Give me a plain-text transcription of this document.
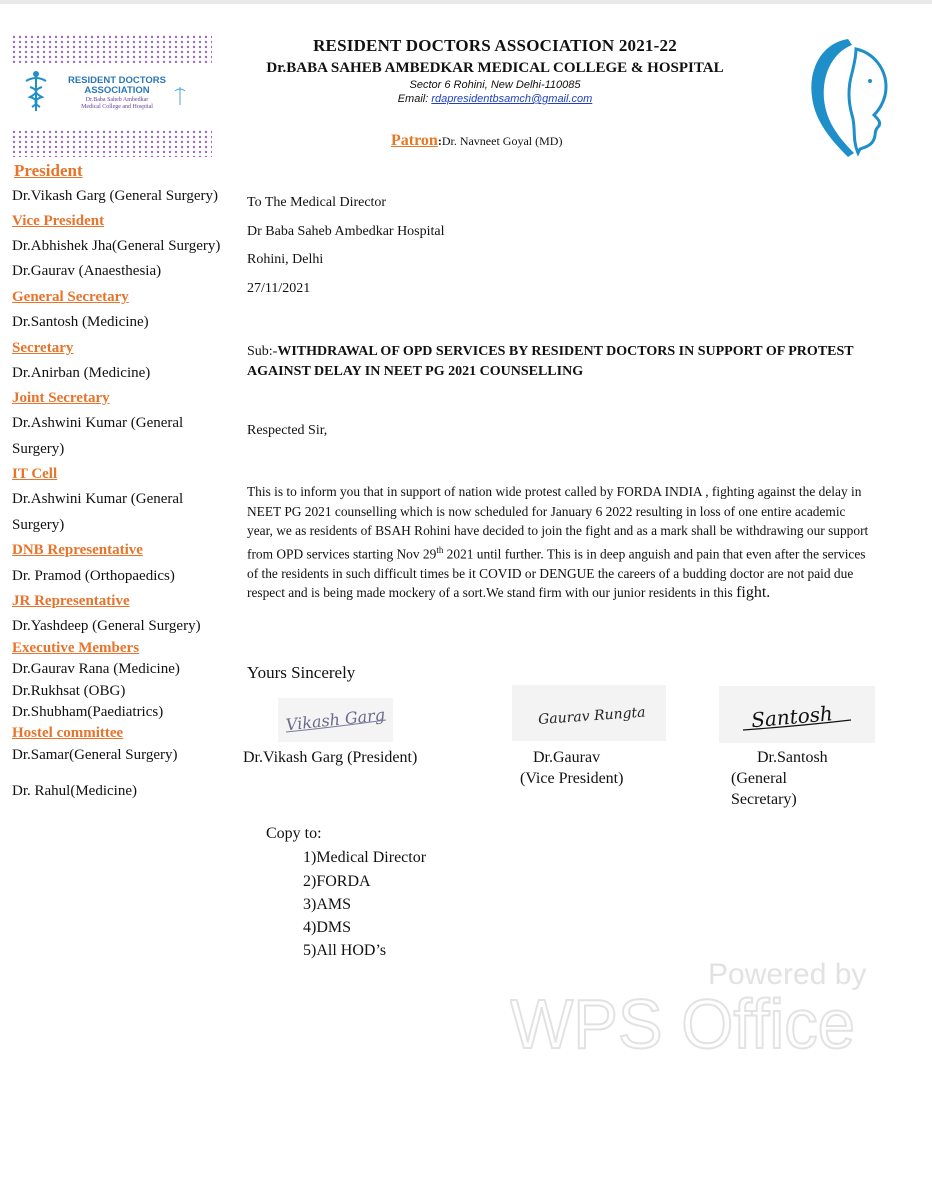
RESIDENT DOCTORS
ASSOCIATION
Dr.Baba Saheb Ambedkar
Medical College and Hospital
RESIDENT DOCTORS ASSOCIATION 2021-22
Dr.BABA SAHEB AMBEDKAR MEDICAL COLLEGE & HOSPITAL
Sector 6 Rohini, New Delhi-110085
Email: rdapresidentbsamch@gmail.com
Patron:Dr. Navneet Goyal (MD)
President
Dr.Vikash Garg (General Surgery)
Vice President
Dr.Abhishek Jha(General Surgery)
Dr.Gaurav (Anaesthesia)
General Secretary
Dr.Santosh (Medicine)
Secretary
Dr.Anirban (Medicine)
Joint Secretary
Dr.Ashwini Kumar (General
Surgery)
IT Cell
Dr.Ashwini Kumar (General
Surgery)
DNB Representative
Dr. Pramod (Orthopaedics)
JR Representative
Dr.Yashdeep (General Surgery)
Executive Members
Dr.Gaurav Rana (Medicine)
Dr.Rukhsat (OBG)
Dr.Shubham(Paediatrics)
Hostel committee
Dr.Samar(General Surgery)
Dr. Rahul(Medicine)
To The Medical Director
Dr Baba Saheb Ambedkar Hospital
Rohini, Delhi
27/11/2021
Sub:-WITHDRAWAL OF OPD SERVICES BY RESIDENT DOCTORS IN SUPPORT OF PROTEST AGAINST DELAY IN NEET PG 2021 COUNSELLING
Respected Sir,
This is to inform you that in support of nation wide protest called by FORDA INDIA , fighting against the delay in NEET PG 2021 counselling which is now scheduled for January 6 2022 resulting in loss of one entire academic year, we as residents of BSAH Rohini have decided to join the fight and as a mark shall be withdrawing our support from OPD services starting Nov 29th 2021 until further. This is in deep anguish and pain that even after the services of the residents in such difficult times be it COVID or DENGUE the careers of a budding doctor are not paid due respect and is being made mockery of a sort.We stand firm with our junior residents in this fight.
Yours Sincerely
Vikash Garg	Gaurav Rungta	Santosh
Dr.Vikash Garg (President)	Dr.Gaurav
(Vice President)
Dr.Santosh
(General
Secretary)
Copy to:
1)Medical Director
2)FORDA
3)AMS
4)DMS
5)All HOD’s
Powered by
WPS Office
